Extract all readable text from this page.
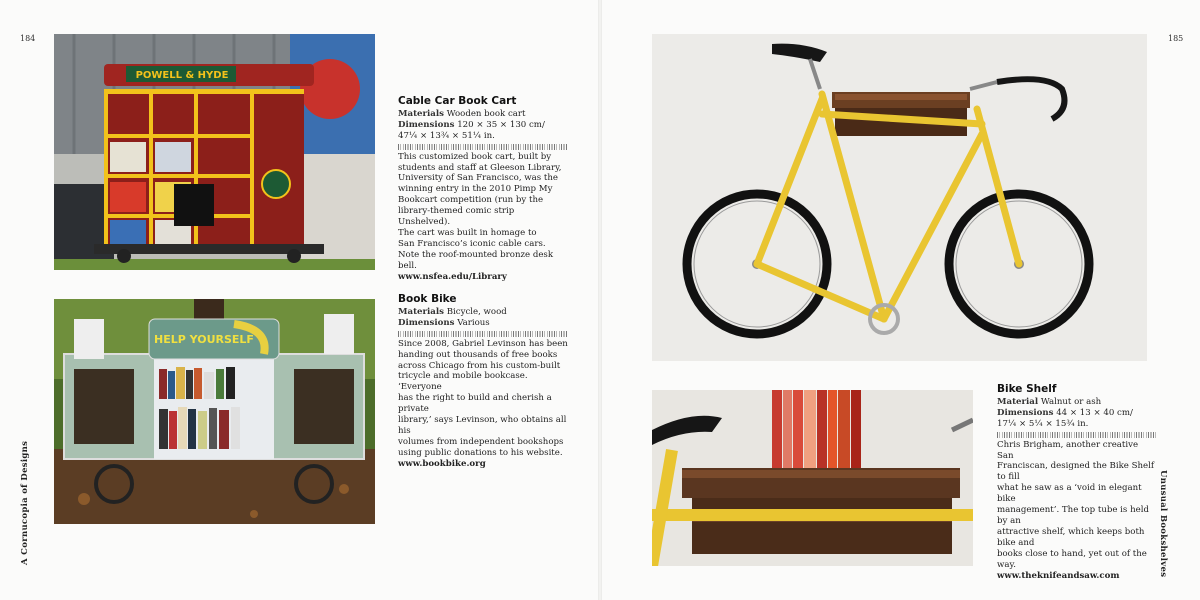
184	185
A Cornucopia of Designs	Unusual Bookshelves
POWELL & HYDE
HELP YOURSELF
Cable Car Book Cart
Materials Wooden book cart
Dimensions 120 × 35 × 130 cm/
47¼ × 13¾ × 51¼ in.
This customized book cart, built by
students and staff at Gleeson Library,
University of San Francisco, was the
winning entry in the 2010 Pimp My
Bookcart competition (run by the
library-themed comic strip Unshelved).
The cart was built in homage to
San Francisco’s iconic cable cars.
Note the roof-mounted bronze desk bell.
www.nsfea.edu/Library
Book Bike
Materials Bicycle, wood
Dimensions Various
Since 2008, Gabriel Levinson has been
handing out thousands of free books
across Chicago from his custom-built
tricycle and mobile bookcase. ‘Everyone
has the right to build and cherish a private
library,’ says Levinson, who obtains all his
volumes from independent bookshops
using public donations to his website.
www.bookbike.org
Bike Shelf
Material Walnut or ash
Dimensions 44 × 13 × 40 cm/
17¼ × 5¼ × 15¾ in.
Chris Brigham, another creative San
Franciscan, designed the Bike Shelf to fill
what he saw as a ‘void in elegant bike
management’. The top tube is held by an
attractive shelf, which keeps both bike and
books close to hand, yet out of the way.
www.theknifeandsaw.com
